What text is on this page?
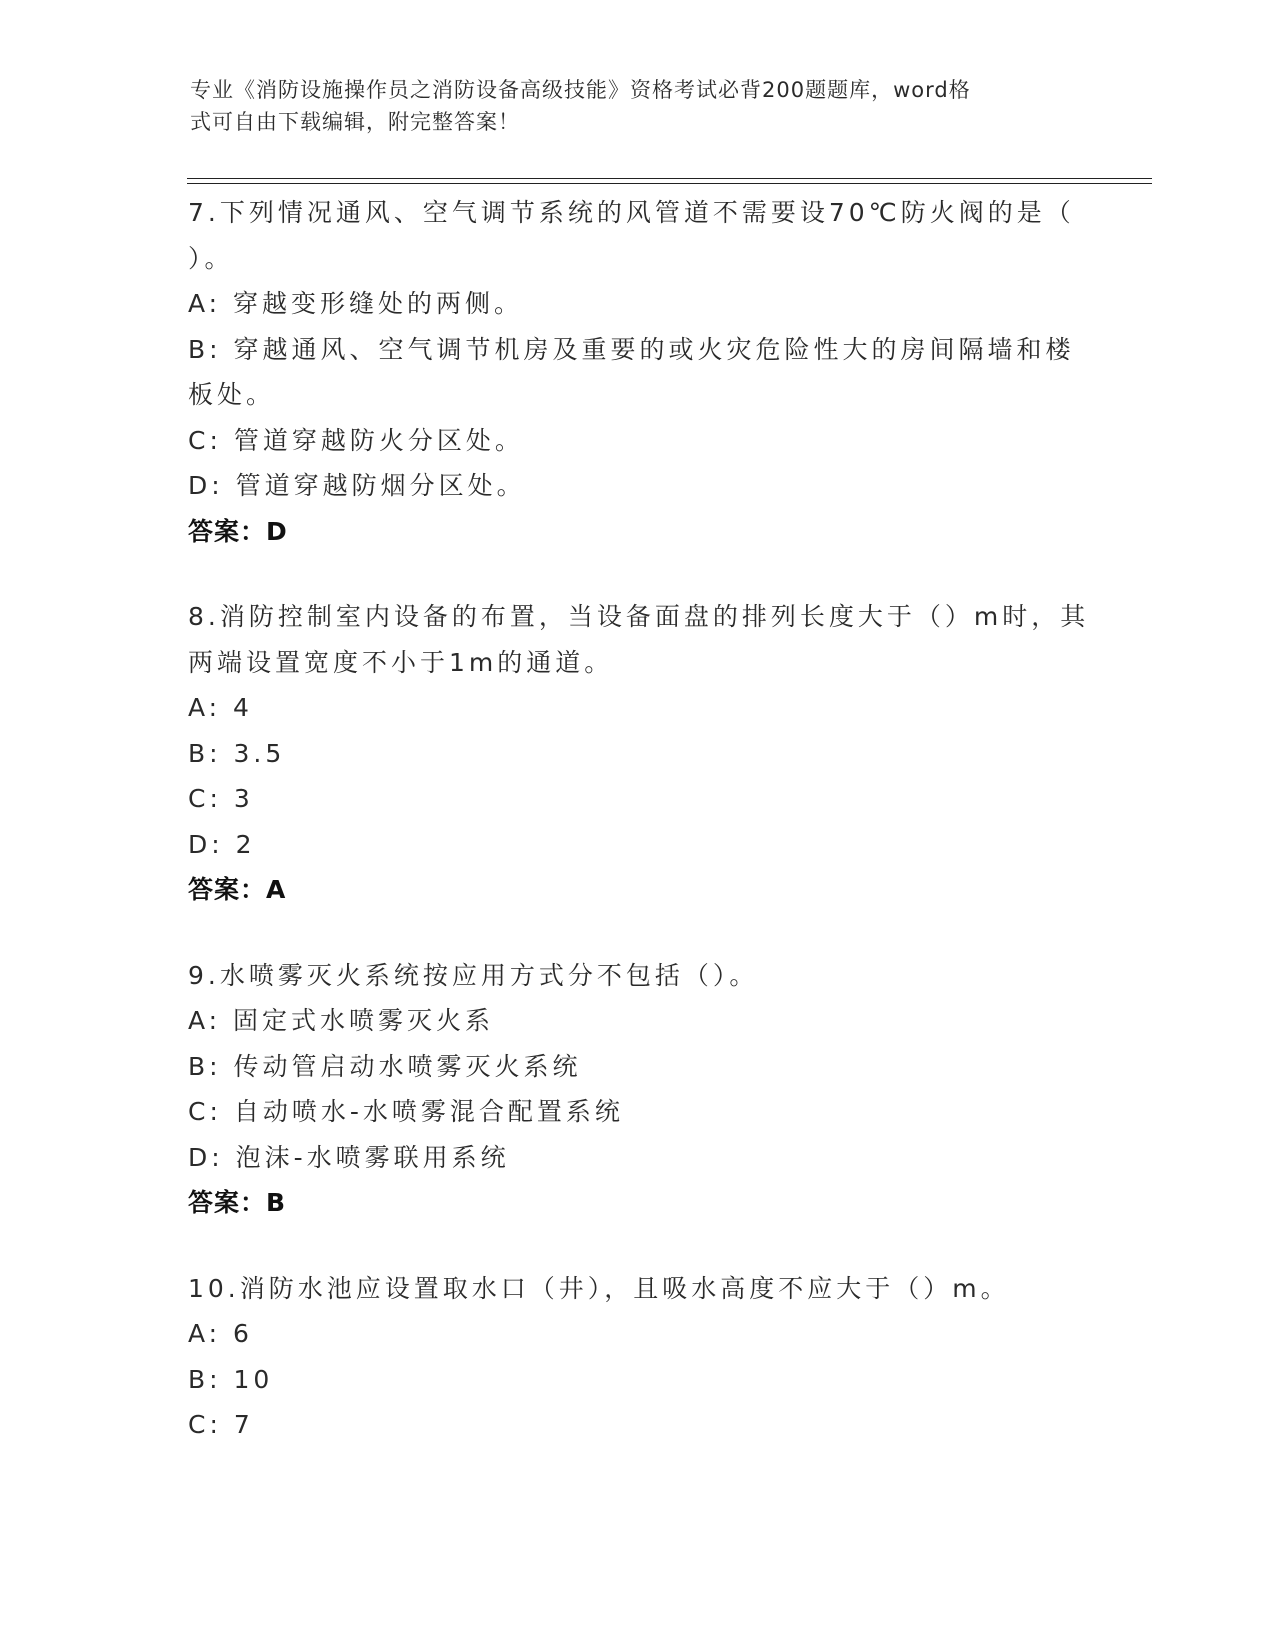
专业《消防设施操作员之消防设备高级技能》资格考试必背200题题库，word格
式可自由下载编辑，附完整答案！
7.下列情况通风、空气调节系统的风管道不需要设70℃防火阀的是（
）。
A: 穿越变形缝处的两侧。
B: 穿越通风、空气调节机房及重要的或火灾危险性大的房间隔墙和楼
板处。
C: 管道穿越防火分区处。
D: 管道穿越防烟分区处。
答案：D
8.消防控制室内设备的布置，当设备面盘的排列长度大于（）m时，其
两端设置宽度不小于1m的通道。
A: 4
B: 3.5
C: 3
D: 2
答案：A
9.水喷雾灭火系统按应用方式分不包括（）。
A: 固定式水喷雾灭火系
B: 传动管启动水喷雾灭火系统
C: 自动喷水-水喷雾混合配置系统
D: 泡沫-水喷雾联用系统
答案：B
10.消防水池应设置取水口（井），且吸水高度不应大于（）m。
A: 6
B: 10
C: 7
